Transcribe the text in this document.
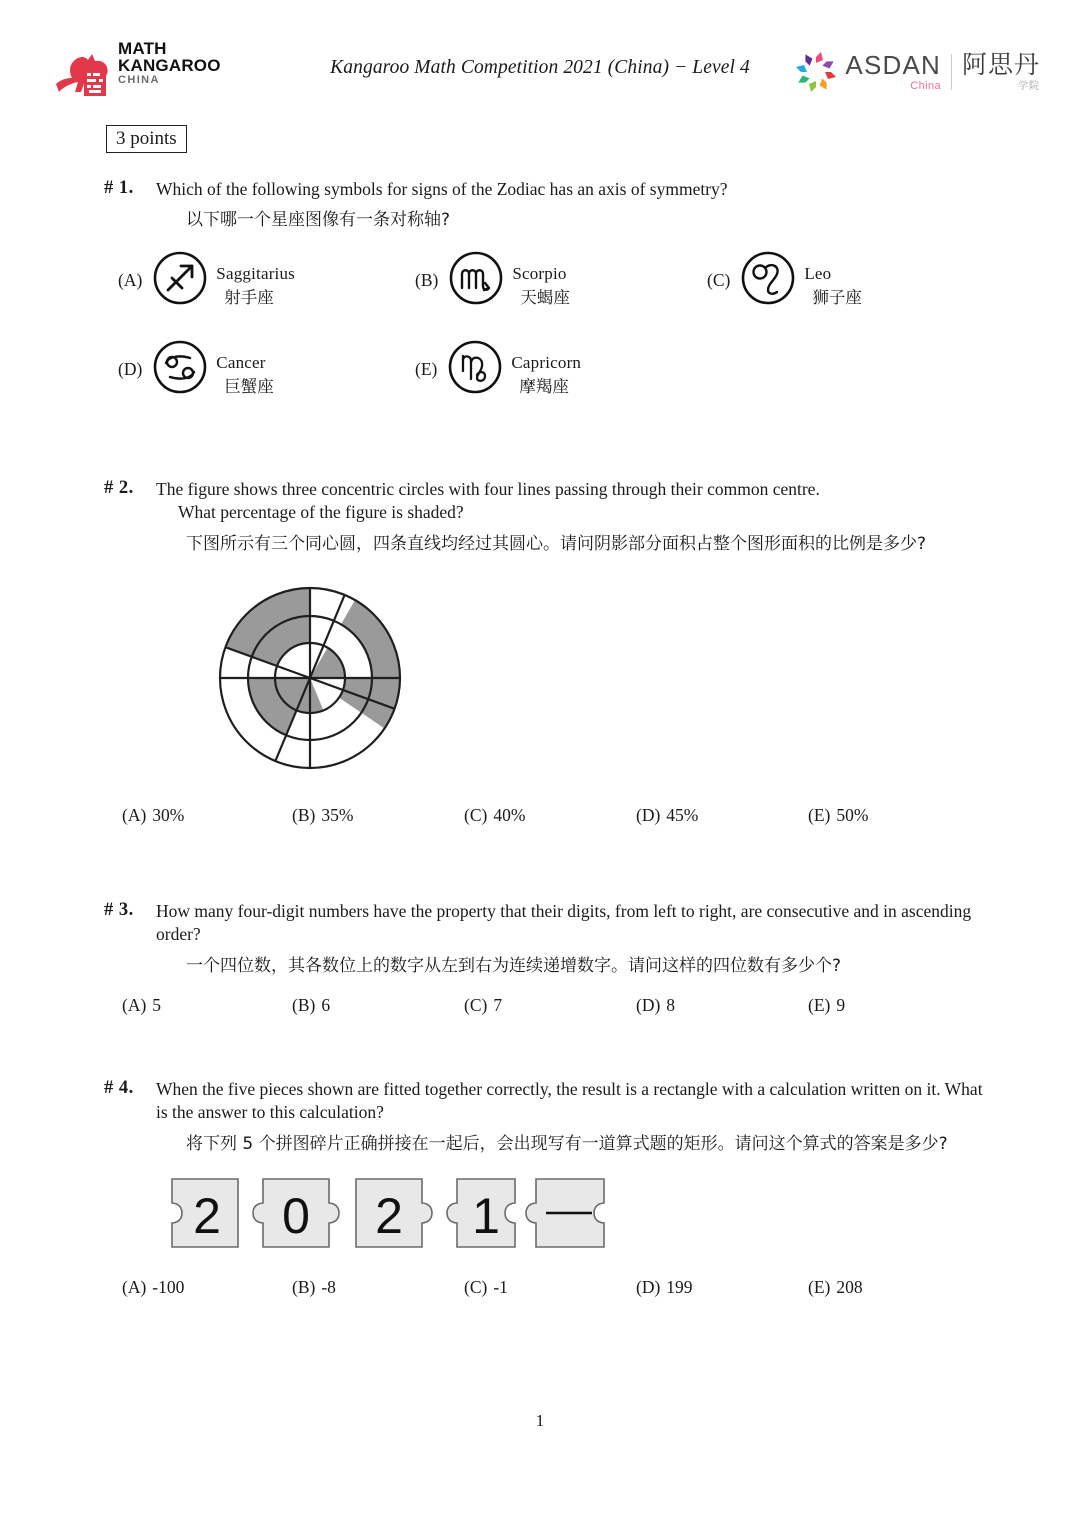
MATH
KANGAROO
CHINA
Kangaroo Math Competition 2021 (China) − Level 4	ASDAN
China
阿思丹
学院
3 points
# 1.	Which of the following symbols for signs of the Zodiac has an axis of symmetry?
以下哪一个星座图像有一条对称轴?
(A)	Saggitarius
射手座
(B)	Scorpio
天蝎座
(C)	Leo
狮子座
(D)	Cancer
巨蟹座
(E)	Capricorn
摩羯座
# 2.	The figure shows three concentric circles with four lines passing through their common centre.
What percentage of the figure is shaded?
下图所示有三个同心圆，四条直线均经过其圆心。请问阴影部分面积占整个图形面积的比例是多少?
(A) 30%	(B) 35%	(C) 40%	(D) 45%	(E) 50%
# 3.	How many four-digit numbers have the property that their digits, from left to right, are consecutive and in ascending order?
一个四位数，其各数位上的数字从左到右为连续递增数字。请问这样的四位数有多少个?
(A) 5	(B) 6	(C) 7	(D) 8	(E) 9
# 4.	When the five pieces shown are fitted together correctly, the result is a rectangle with a calculation written on it. What is the answer to this calculation?
将下列 5 个拼图碎片正确拼接在一起后，会出现写有一道算式题的矩形。请问这个算式的答案是多少?
2 0 2 1
(A) -100	(B) -8	(C) -1	(D) 199	(E) 208
1
